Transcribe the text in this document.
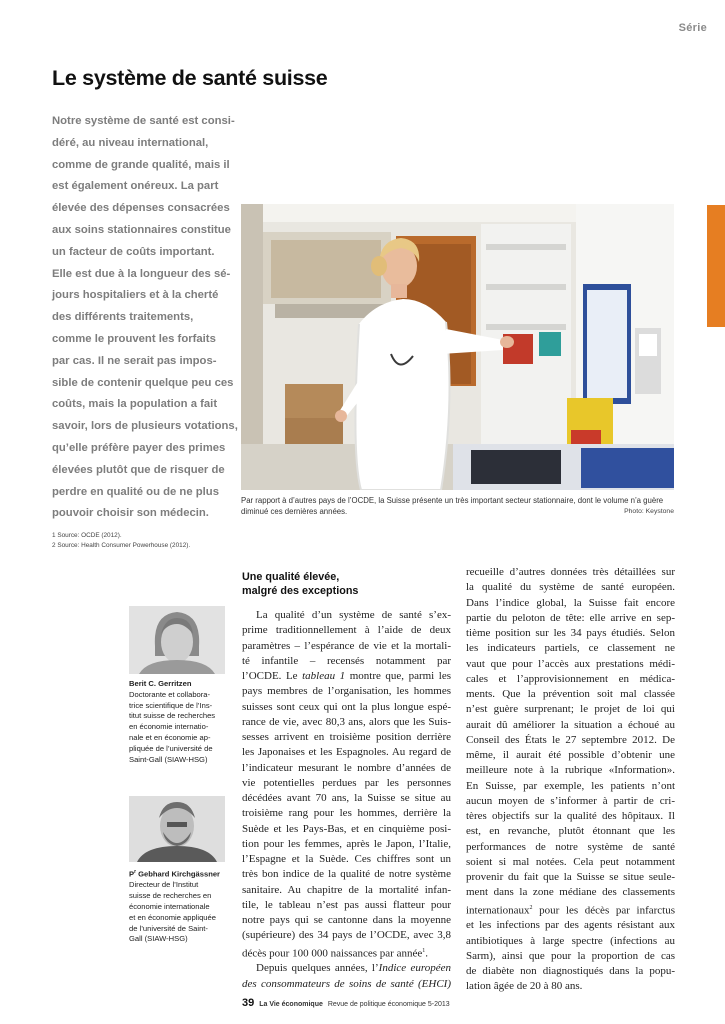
Série
Le système de santé suisse
Notre système de santé est consi-
déré, au niveau international,
comme de grande qualité, mais il
est également onéreux. La part
élevée des dépenses consacrées
aux soins stationnaires constitue
un facteur de coûts important.
Elle est due à la longueur des sé-
jours hospitaliers et à la cherté
des différents traitements,
comme le prouvent les forfaits
par cas. Il ne serait pas impos-
sible de contenir quelque peu ces
coûts, mais la population a fait
savoir, lors de plusieurs votations,
qu’elle préfère payer des primes
élevées plutôt que de risquer de
perdre en qualité ou de ne plus
pouvoir choisir son médecin.
1 Source: OCDE (2012).
2 Source: Health Consumer Powerhouse (2012).
Par rapport à d’autres pays de l’OCDE, la Suisse présente un très important secteur stationnaire, dont le volume n’a guère diminué ces dernières années.	Photo: Keystone
Berit C. Gerritzen
Doctorante et collabora-
trice scientifique de l’Ins-
titut suisse de recherches
en économie internatio-
nale et en économie ap-
pliquée de l’université de
Saint-Gall (SIAW-HSG)
$P^r$ Gebhard Kirchgässner
Directeur de l’Institut
suisse de recherches en
économie internationale
et en économie appliquée
de l’université de Saint-
Gall (SIAW-HSG)
Une qualité élevée,
malgré des exceptions
La qualité d’un système de santé s’ex-
prime traditionnellement à l’aide de deux
paramètres – l’espérance de vie et la mortali-
té infantile – recensés notamment par
l’OCDE. Le tableau 1 montre que, parmi les
pays membres de l’organisation, les hommes
suisses sont ceux qui ont la plus longue espé-
rance de vie, avec 80,3 ans, alors que les Suis-
sesses arrivent en troisième position derrière
les Japonaises et les Espagnoles. Au regard de
l’indicateur mesurant le nombre d’années de
vie potentielles perdues par les personnes
décédées avant 70 ans, la Suisse se situe au
troisième rang pour les hommes, derrière la
Suède et les Pays-Bas, et en cinquième posi-
tion pour les femmes, après le Japon, l’Italie,
l’Espagne et la Suède. Ces chiffres sont un
très bon indice de la qualité de notre système
sanitaire. Au chapitre de la mortalité infan-
tile, le tableau n’est pas aussi flatteur pour
notre pays qui se cantonne dans la moyenne
(supérieure) des 34 pays de l’OCDE, avec 3,8
décès pour 100 000 naissances par année$^1$.
Depuis quelques années, l’Indice européen
des consommateurs de soins de santé (EHCI)
recueille d’autres données très détaillées sur
la qualité du système de santé européen.
Dans l’indice global, la Suisse fait encore
partie du peloton de tête: elle arrive en sep-
tième position sur les 34 pays étudiés. Selon
les indicateurs partiels, ce classement ne
vaut que pour l’accès aux prestations médi-
cales et l’approvisionnement en médica-
ments. Que la prévention soit mal classée
n’est guère surprenant; le projet de loi qui
aurait dû améliorer la situation a échoué au
Conseil des États le 27 septembre 2012. De
même, il aurait été possible d’obtenir une
meilleure note à la rubrique «Information».
En Suisse, par exemple, les patients n’ont
aucun moyen de s’informer à partir de cri-
tères objectifs sur la qualité des hôpitaux. Il
est, en revanche, plutôt étonnant que les
performances de notre système de santé
soient si mal notées. Cela peut notamment
provenir du fait que la Suisse se situe seule-
ment dans la zone médiane des classements
internationaux$^2$ pour les décès par infarctus
et les infections par des agents résistant aux
antibiotiques à large spectre (infections au
Sarm), ainsi que pour la proportion de cas
de diabète non diagnostiqués dans la popu-
lation âgée de 20 à 80 ans.
39 La Vie économique Revue de politique économique 5-2013
